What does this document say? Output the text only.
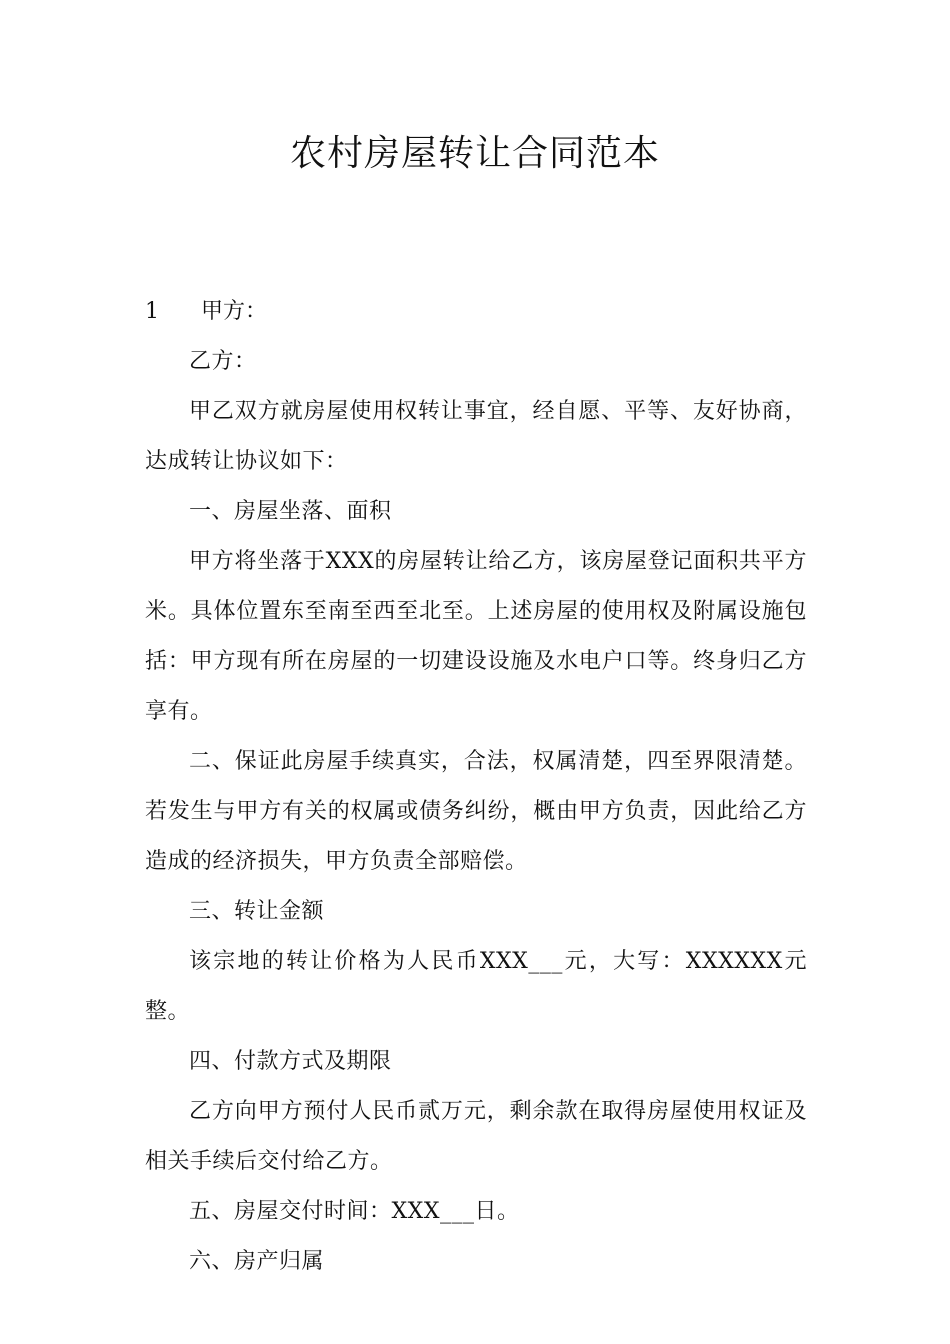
农村房屋转让合同范本
1	甲方：

乙方：

甲乙双方就房屋使用权转让事宜，经自愿、平等、友好协商，达成转让协议如下：

一、房屋坐落、面积

甲方将坐落于XXX的房屋转让给乙方，该房屋登记面积共平方米。具体位置东至南至西至北至。上述房屋的使用权及附属设施包括：甲方现有所在房屋的一切建设设施及水电户口等。终身归乙方享有。

二、保证此房屋手续真实，合法，权属清楚，四至界限清楚。若发生与甲方有关的权属或债务纠纷，概由甲方负责，因此给乙方造成的经济损失，甲方负责全部赔偿。

三、转让金额

该宗地的转让价格为人民币XXX___元，大写：XXXXXX元整。

四、付款方式及期限

乙方向甲方预付人民币贰万元，剩余款在取得房屋使用权证及相关手续后交付给乙方。

五、房屋交付时间：XXX___日。

六、房产归属
